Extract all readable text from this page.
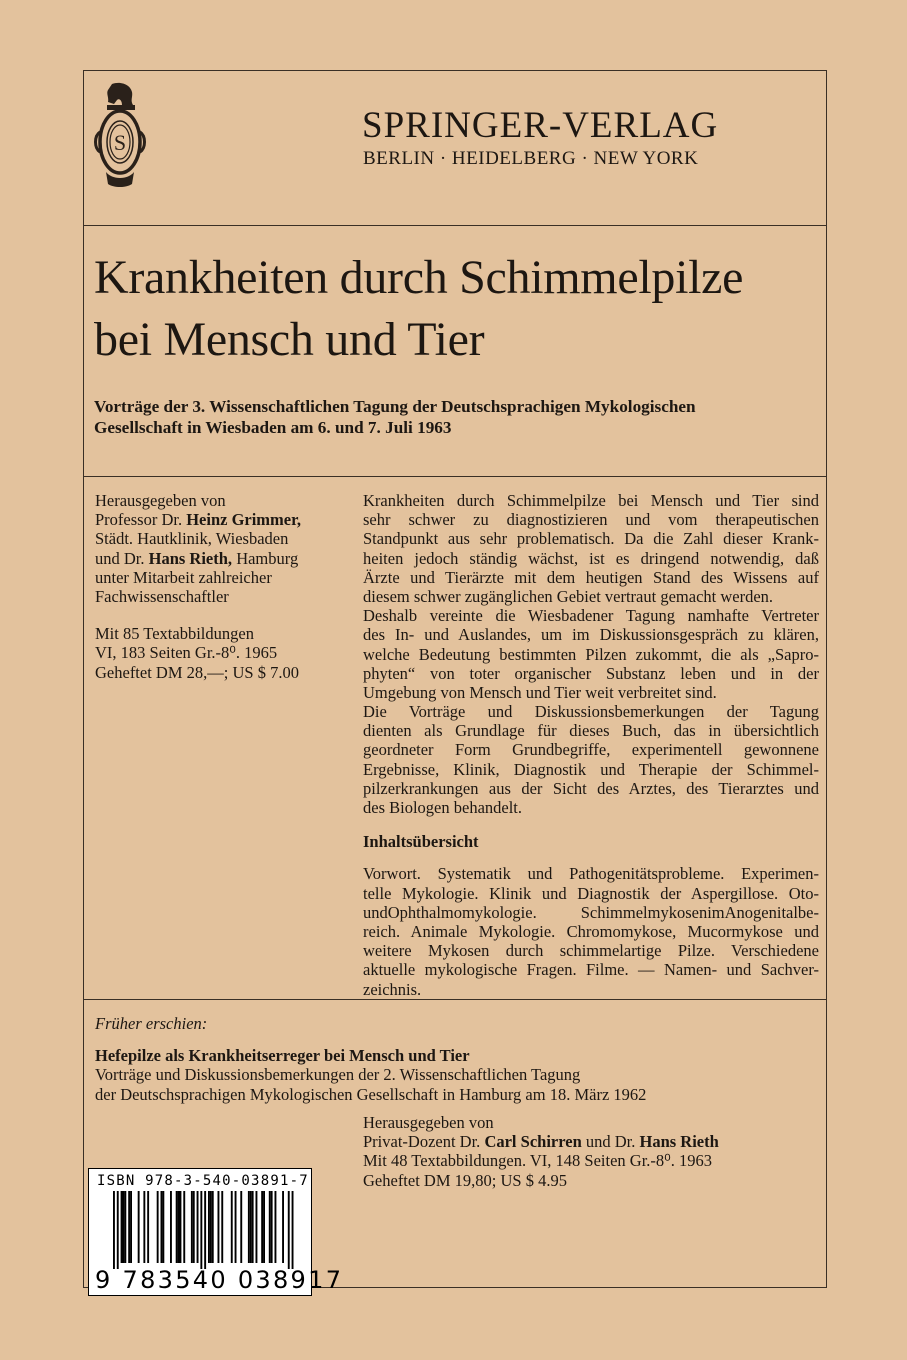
S	SPRINGER-VERLAG
BERLIN · HEIDELBERG · NEW YORK
Krankheiten durch Schimmelpilze
bei Mensch und Tier
Vorträge der 3. Wissenschaftlichen Tagung der Deutschsprachigen Mykologischen
Gesellschaft in Wiesbaden am 6. und 7. Juli 1963
Herausgegeben von
Professor Dr. Heinz Grimmer,
Städt. Hautklinik, Wiesbaden
und Dr. Hans Rieth, Hamburg
unter Mitarbeit zahlreicher
Fachwissenschaftler
Mit 85 Textabbildungen
VI, 183 Seiten Gr.-8⁰. 1965
Geheftet DM 28,—; US $ 7.00
Krankheiten durch Schimmelpilze bei Mensch und Tier sind
sehr schwer zu diagnostizieren und vom therapeutischen
Standpunkt aus sehr problematisch. Da die Zahl dieser Krank-
heiten jedoch ständig wächst, ist es dringend notwendig, daß
Ärzte und Tierärzte mit dem heutigen Stand des Wissens auf
diesem schwer zugänglichen Gebiet vertraut gemacht werden.
Deshalb vereinte die Wiesbadener Tagung namhafte Vertreter
des In- und Auslandes, um im Diskussionsgespräch zu klären,
welche Bedeutung bestimmten Pilzen zukommt, die als „Sapro-
phyten“ von toter organischer Substanz leben und in der
Umgebung von Mensch und Tier weit verbreitet sind.
Die Vorträge und Diskussionsbemerkungen der Tagung
dienten als Grundlage für dieses Buch, das in übersichtlich
geordneter Form Grundbegriffe, experimentell gewonnene
Ergebnisse, Klinik, Diagnostik und Therapie der Schimmel-
pilzerkrankungen aus der Sicht des Arztes, des Tierarztes und
des Biologen behandelt.

Inhaltsübersicht

Vorwort. Systematik und Pathogenitätsprobleme. Experimen-
telle Mykologie. Klinik und Diagnostik der Aspergillose. Oto-
undOphthalmomykologie. SchimmelmykosenimAnogenitalbe-
reich. Animale Mykologie. Chromomykose, Mucormykose und
weitere Mykosen durch schimmelartige Pilze. Verschiedene
aktuelle mykologische Fragen. Filme. — Namen- und Sachver-
zeichnis.
Früher erschien:
Hefepilze als Krankheitserreger bei Mensch und Tier
Vorträge und Diskussionsbemerkungen der 2. Wissenschaftlichen Tagung
der Deutschsprachigen Mykologischen Gesellschaft in Hamburg am 18. März 1962
Herausgegeben von
Privat-Dozent Dr. Carl Schirren und Dr. Hans Rieth
Mit 48 Textabbildungen. VI, 148 Seiten Gr.-8⁰. 1963
Geheftet DM 19,80; US $ 4.95
ISBN 978-3-540-03891-7
9 783540 038917
